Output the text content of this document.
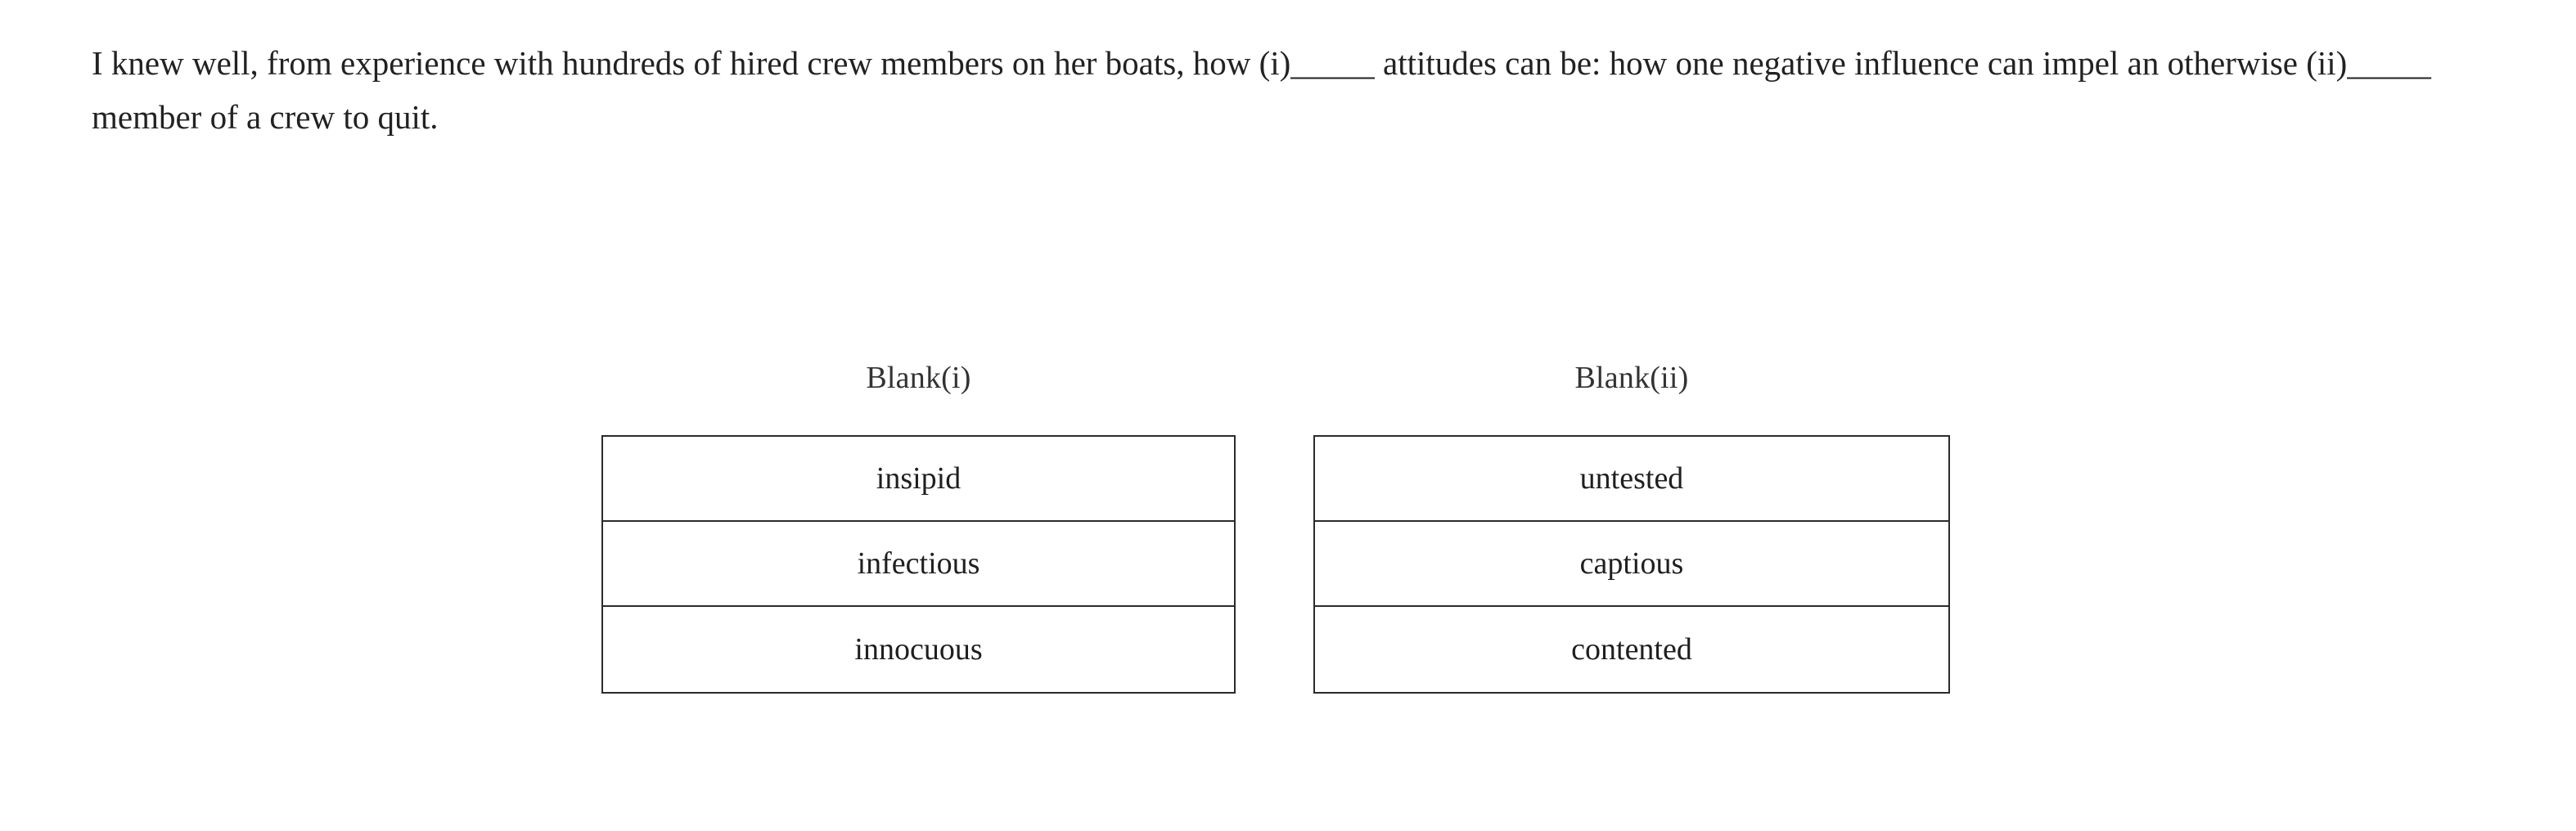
I knew well, from experience with hundreds of hired crew members on her boats, how (i)_____ attitudes can be: how one negative influence can impel an otherwise (ii)_____ member of a crew to quit.
Blank(i)
insipid
infectious
innocuous
Blank(ii)
untested
captious
contented
